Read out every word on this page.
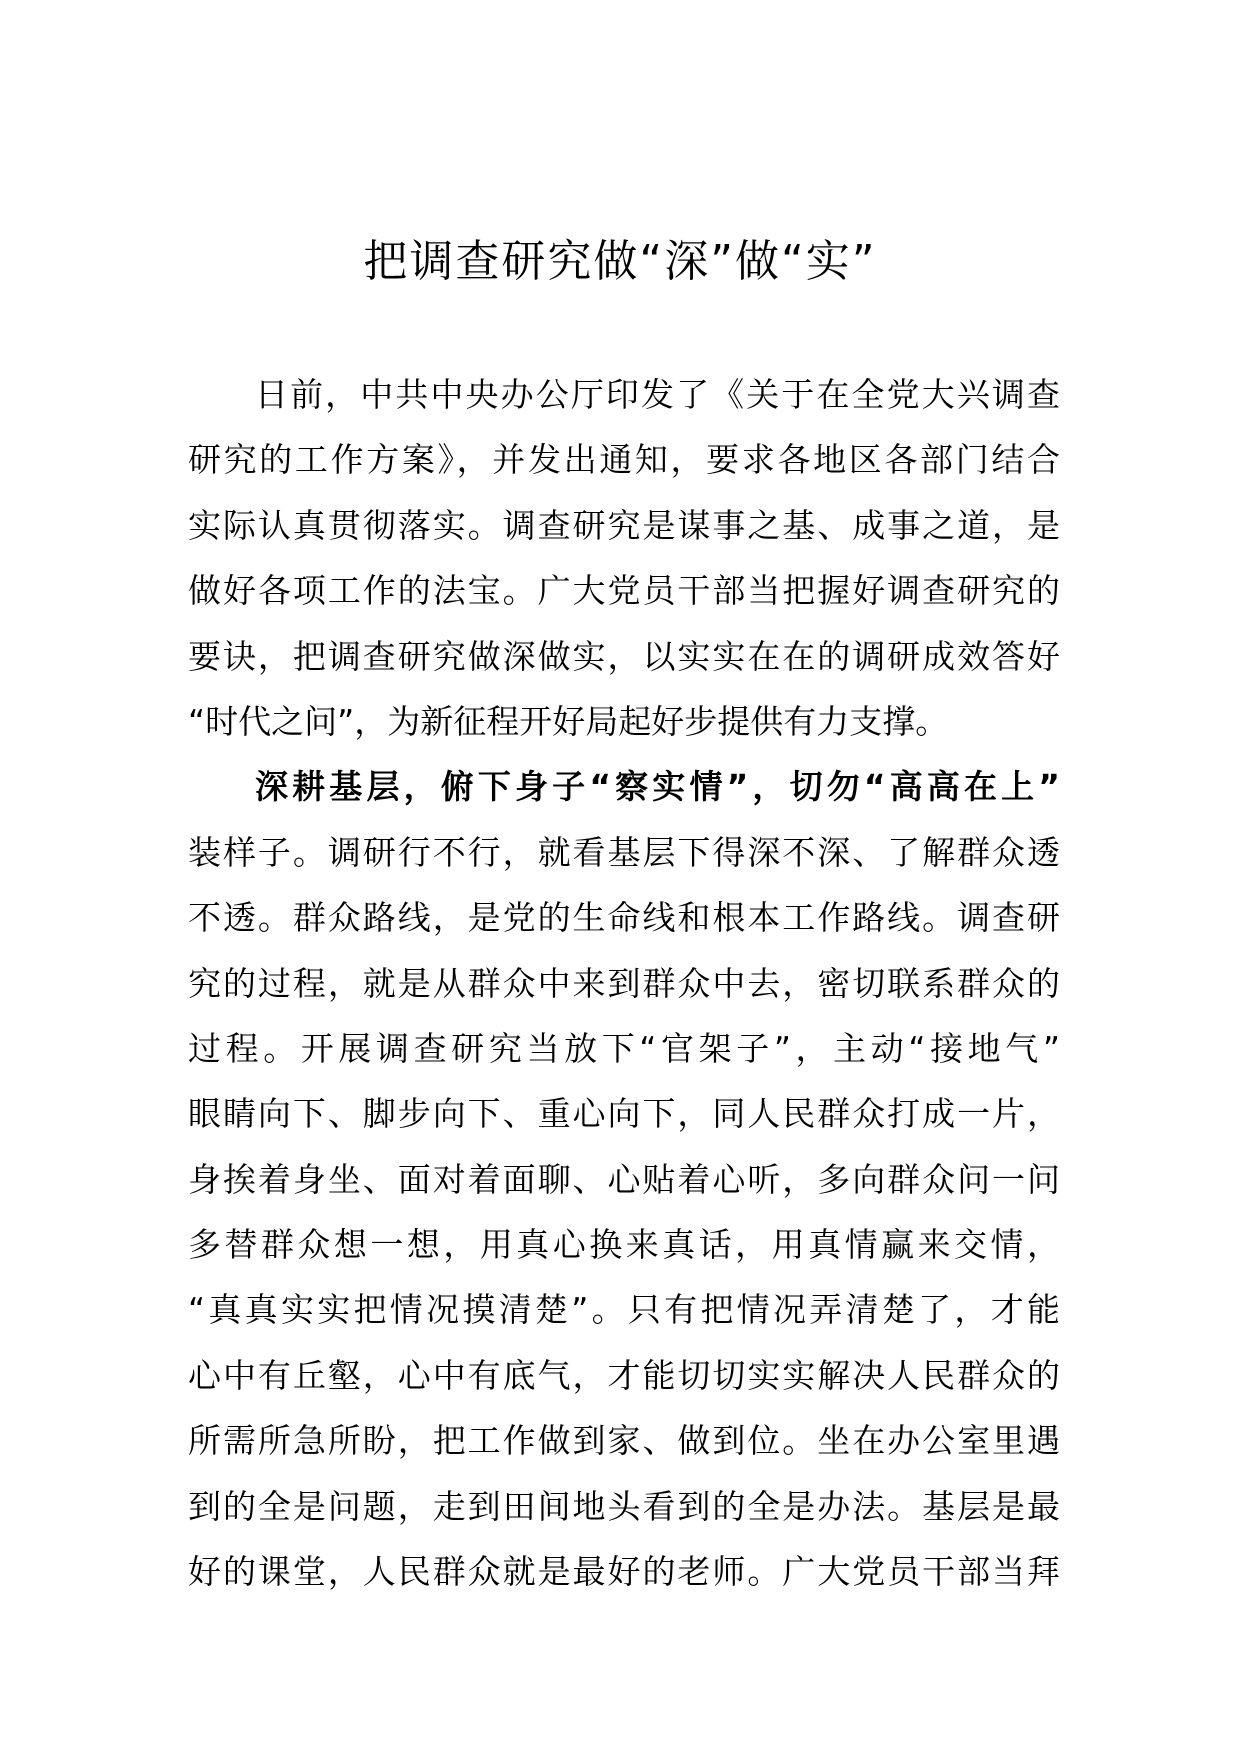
把调查研究做“深”做“实”
日前，中共中央办公厅印发了《关于在全党大兴调查
研究的工作方案》，并发出通知，要求各地区各部门结合
实际认真贯彻落实。调查研究是谋事之基、成事之道，是
做好各项工作的法宝。广大党员干部当把握好调查研究的
要诀，把调查研究做深做实，以实实在在的调研成效答好
“时代之问”，为新征程开好局起好步提供有力支撑。
深耕基层，俯下身子“察实情”，切勿“高高在上”
装样子。调研行不行，就看基层下得深不深、了解群众透
不透。群众路线，是党的生命线和根本工作路线。调查研
究的过程，就是从群众中来到群众中去，密切联系群众的
过程。开展调查研究当放下“官架子”，主动“接地气”
眼睛向下、脚步向下、重心向下，同人民群众打成一片，
身挨着身坐、面对着面聊、心贴着心听，多向群众问一问
多替群众想一想，用真心换来真话，用真情赢来交情，
“真真实实把情况摸清楚”。只有把情况弄清楚了，才能
心中有丘壑，心中有底气，才能切切实实解决人民群众的
所需所急所盼，把工作做到家、做到位。坐在办公室里遇
到的全是问题，走到田间地头看到的全是办法。基层是最
好的课堂，人民群众就是最好的老师。广大党员干部当拜
